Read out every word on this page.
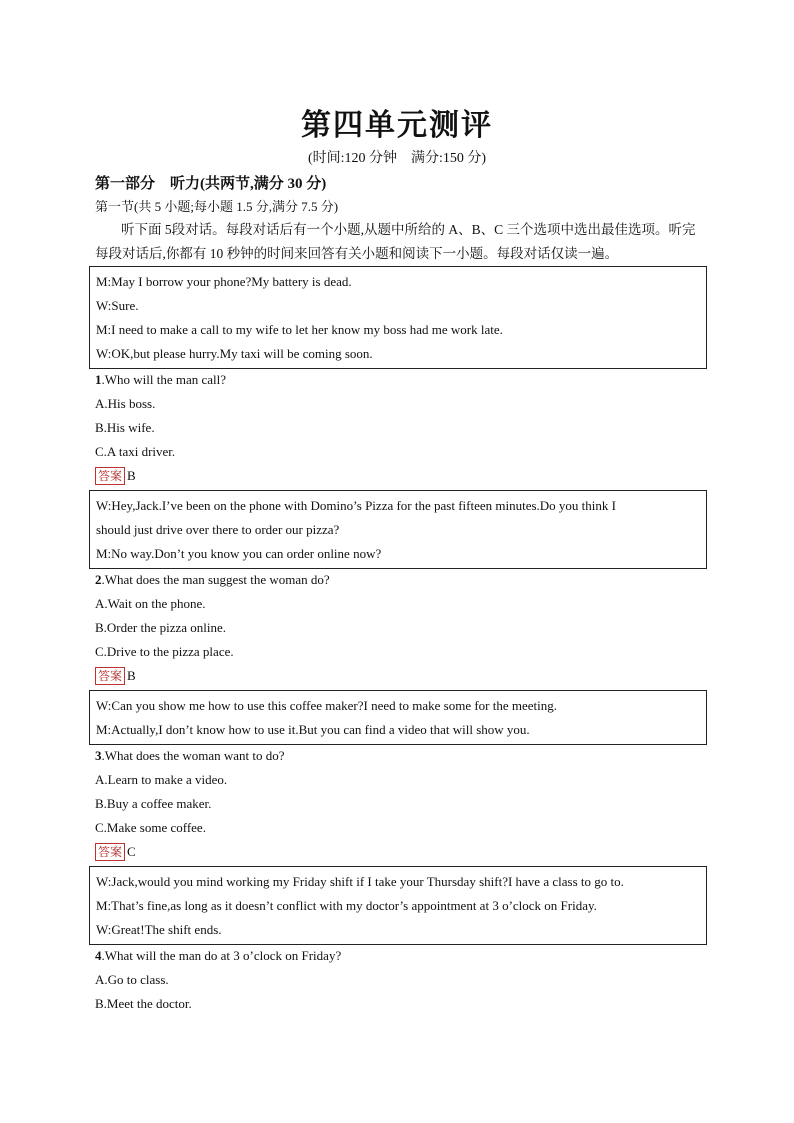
第四单元测评
(时间:120 分钟　满分:150 分)
第一部分 听力(共两节,满分 30 分)
第一节(共 5 小题;每小题 1.5 分,满分 7.5 分)
听下面 5段对话。每段对话后有一个小题,从题中所给的 A、B、C 三个选项中选出最佳选项。听完每段对话后,你都有 10 秒钟的时间来回答有关小题和阅读下一小题。每段对话仅读一遍。
M:May I borrow your phone?My battery is dead.
W:Sure.
M:I need to make a call to my wife to let her know my boss had me work late.
W:OK,but please hurry.My taxi will be coming soon.
1.Who will the man call?
A.His boss.
B.His wife.
C.A taxi driver.
答案 B
W:Hey,Jack.I’ve been on the phone with Domino’s Pizza for the past fifteen minutes.Do you think I
should just drive over there to order our pizza?
M:No way.Don’t you know you can order online now?
2.What does the man suggest the woman do?
A.Wait on the phone.
B.Order the pizza online.
C.Drive to the pizza place.
答案 B
W:Can you show me how to use this coffee maker?I need to make some for the meeting.
M:Actually,I don’t know how to use it.But you can find a video that will show you.
3.What does the woman want to do?
A.Learn to make a video.
B.Buy a coffee maker.
C.Make some coffee.
答案 C
W:Jack,would you mind working my Friday shift if I take your Thursday shift?I have a class to go to.
M:That’s fine,as long as it doesn’t conflict with my doctor’s appointment at 3 o’clock on Friday.
W:Great!The shift ends.
4.What will the man do at 3 o’clock on Friday?
A.Go to class.
B.Meet the doctor.
